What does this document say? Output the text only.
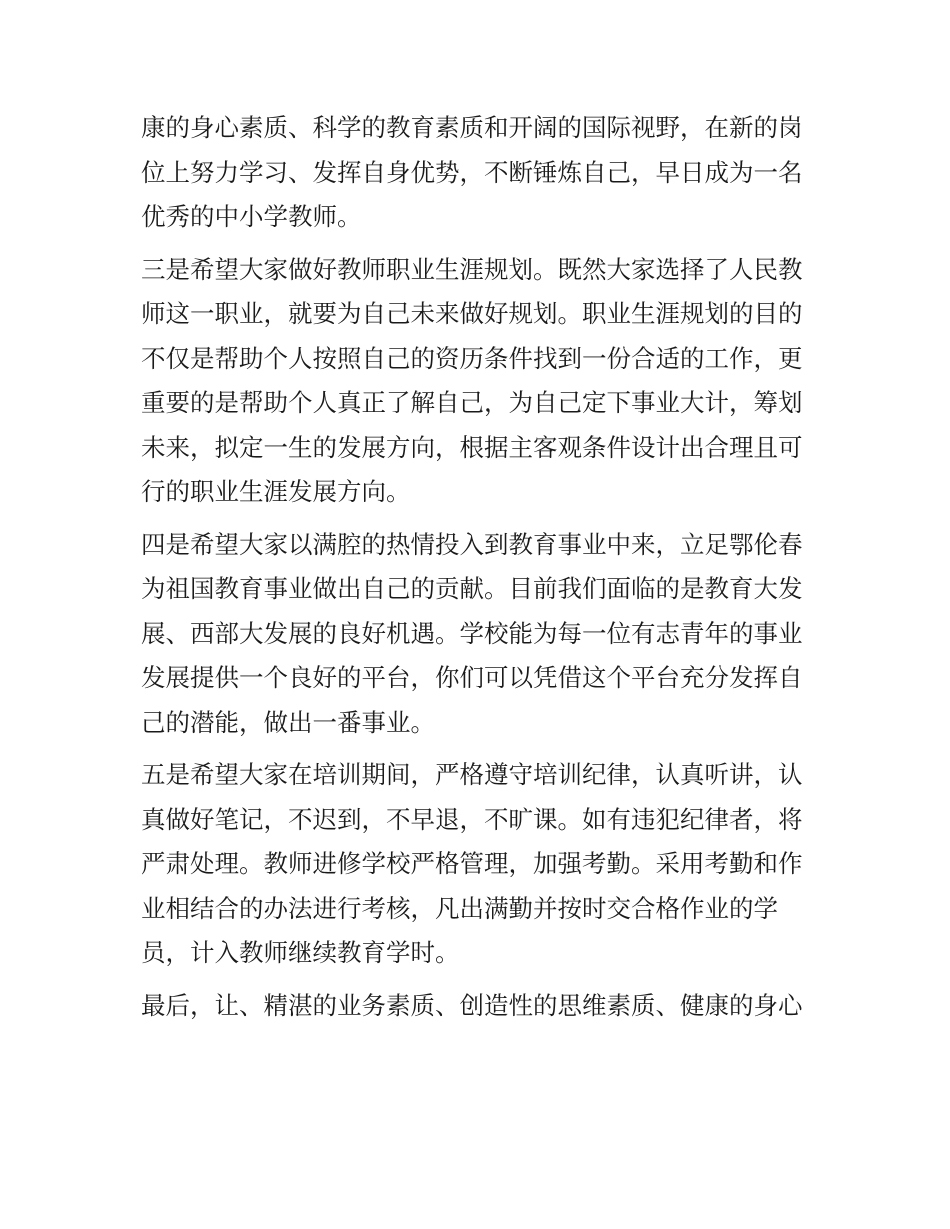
康的身心素质、科学的教育素质和开阔的国际视野，在新的岗
位上努力学习、发挥自身优势，不断锤炼自己，早日成为一名
优秀的中小学教师。
三是希望大家做好教师职业生涯规划。既然大家选择了人民教
师这一职业，就要为自己未来做好规划。职业生涯规划的目的
不仅是帮助个人按照自己的资历条件找到一份合适的工作，更
重要的是帮助个人真正了解自己，为自己定下事业大计，筹划
未来，拟定一生的发展方向，根据主客观条件设计出合理且可
行的职业生涯发展方向。
四是希望大家以满腔的热情投入到教育事业中来，立足鄂伦春
为祖国教育事业做出自己的贡献。目前我们面临的是教育大发
展、西部大发展的良好机遇。学校能为每一位有志青年的事业
发展提供一个良好的平台，你们可以凭借这个平台充分发挥自
己的潜能，做出一番事业。
五是希望大家在培训期间，严格遵守培训纪律，认真听讲，认
真做好笔记，不迟到，不早退，不旷课。如有违犯纪律者，将
严肃处理。教师进修学校严格管理，加强考勤。采用考勤和作
业相结合的办法进行考核，凡出满勤并按时交合格作业的学
员，计入教师继续教育学时。
最后，让、精湛的业务素质、创造性的思维素质、健康的身心
